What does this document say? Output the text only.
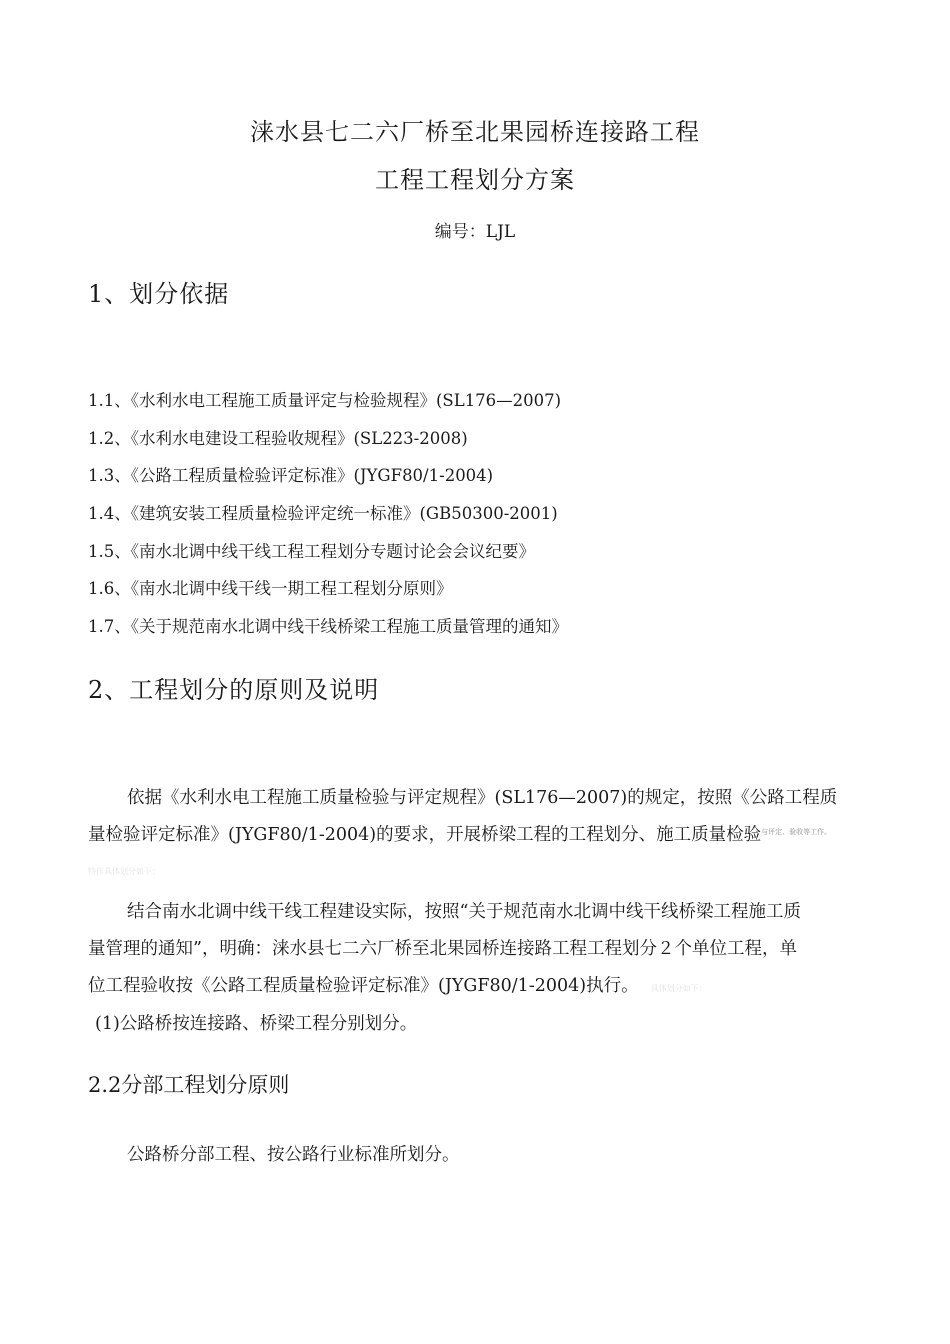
涞水县七二六厂桥至北果园桥连接路工程
工程工程划分方案
编号：LJL
1、划分依据
1.1、《水利水电工程施工质量评定与检验规程》(SL176—2007)
1.2、《水利水电建设工程验收规程》(SL223-2008)
1.3、《公路工程质量检验评定标准》(JYGF80/1-2004)
1.4、《建筑安装工程质量检验评定统一标准》(GB50300-2001)
1.5、《南水北调中线干线工程工程划分专题讨论会会议纪要》
1.6、《南水北调中线干线一期工程工程划分原则》
1.7、《关于规范南水北调中线干线桥梁工程施工质量管理的通知》
2、工程划分的原则及说明
依据《水利水电工程施工质量检验与评定规程》(SL176—2007)的规定，按照《公路工程质
量检验评定标准》(JYGF80/1-2004)的要求，开展桥梁工程的工程划分、施工质量检验$^{与评定、验收等工作。}$
特作具体划分如下：
结合南水北调中线干线工程建设实际，按照“关于规范南水北调中线干线桥梁工程施工质
量管理的通知”，明确：涞水县七二六厂桥至北果园桥连接路工程工程划分２个单位工程，单
位工程验收按《公路工程质量检验评定标准》(JYGF80/1-2004)执行。 具体划分如下：
(1)公路桥按连接路、桥梁工程分别划分。
2.2分部工程划分原则
公路桥分部工程、按公路行业标准所划分。
